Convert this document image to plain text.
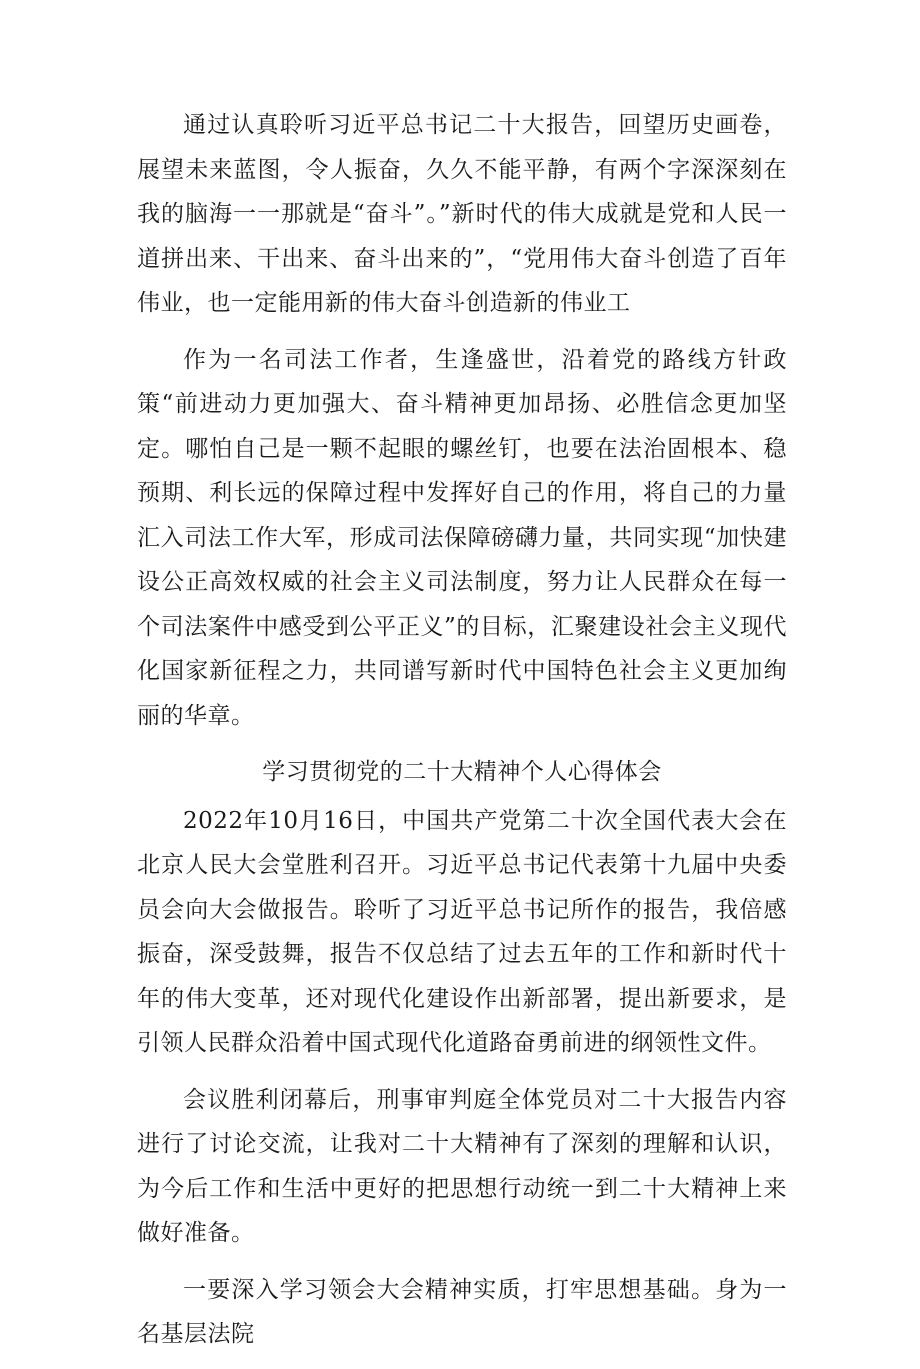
通过认真聆听习近平总书记二十大报告，回望历史画卷，展望未来蓝图，令人振奋，久久不能平静，有两个字深深刻在我的脑海一一那就是“奋斗”。”新时代的伟大成就是党和人民一道拼出来、干出来、奋斗出来的”，“党用伟大奋斗创造了百年伟业，也一定能用新的伟大奋斗创造新的伟业工

作为一名司法工作者，生逢盛世，沿着党的路线方针政策“前进动力更加强大、奋斗精神更加昂扬、必胜信念更加坚定。哪怕自己是一颗不起眼的螺丝钉，也要在法治固根本、稳预期、利长远的保障过程中发挥好自己的作用，将自己的力量汇入司法工作大军，形成司法保障磅礴力量，共同实现“加快建设公正高效权威的社会主义司法制度，努力让人民群众在每一个司法案件中感受到公平正义”的目标，汇聚建设社会主义现代化国家新征程之力，共同谱写新时代中国特色社会主义更加绚丽的华章。

学习贯彻党的二十大精神个人心得体会

2022年10月16日，中国共产党第二十次全国代表大会在北京人民大会堂胜利召开。习近平总书记代表第十九届中央委员会向大会做报告。聆听了习近平总书记所作的报告，我倍感振奋，深受鼓舞，报告不仅总结了过去五年的工作和新时代十年的伟大变革，还对现代化建设作出新部署，提出新要求，是引领人民群众沿着中国式现代化道路奋勇前进的纲领性文件。

会议胜利闭幕后，刑事审判庭全体党员对二十大报告内容进行了讨论交流，让我对二十大精神有了深刻的理解和认识，为今后工作和生活中更好的把思想行动统一到二十大精神上来做好准备。

一要深入学习领会大会精神实质，打牢思想基础。身为一名基层法院
